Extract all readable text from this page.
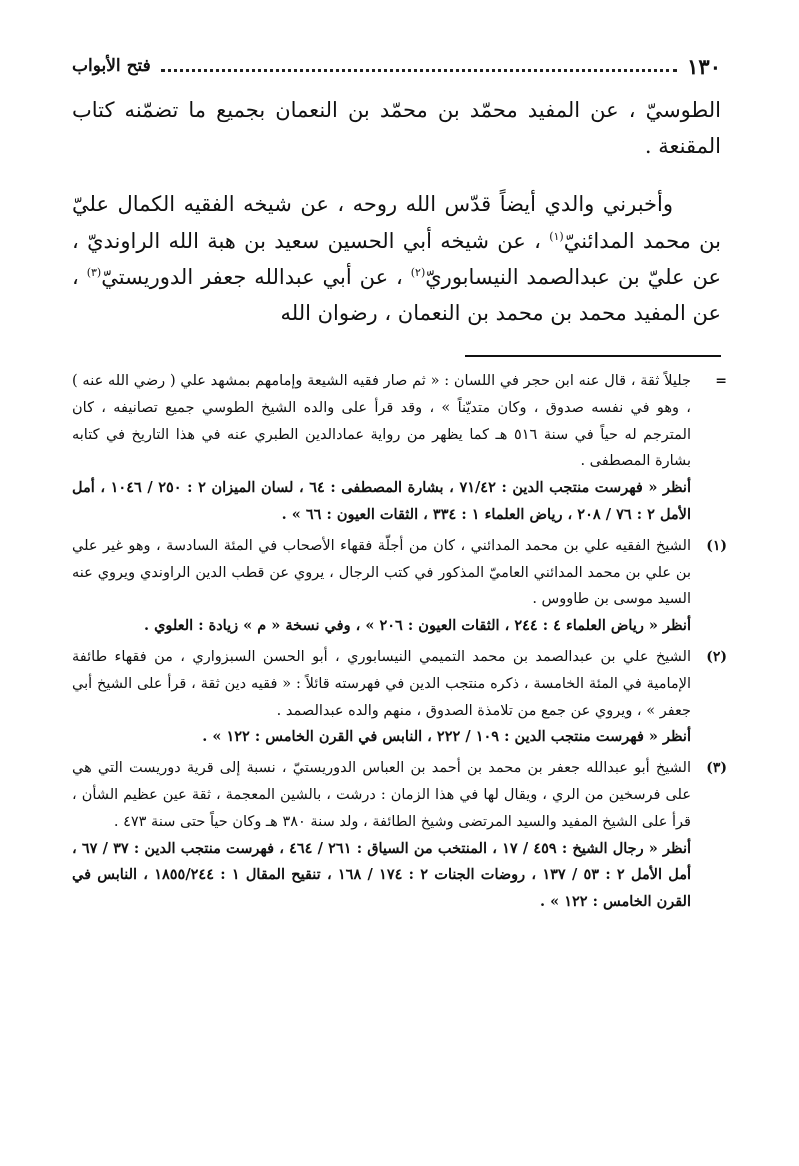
١٣٠
فتح الأبواب

الطوسيّ ، عن المفيد محمّد بن محمّد بن النعمان بجميع ما تضمّنه كتاب المقنعة .

وأخبرني والدي أيضاً قدّس الله روحه ، عن شيخه الفقيه الكمال عليّ بن محمد المدائنيّ$^{(١)}$ ، عن شيخه أبي الحسين سعيد بن هبة الله الراونديّ ، عن عليّ بن عبدالصمد النيسابوريّ$^{(٢)}$ ، عن أبي عبدالله جعفر الدوريستيّ$^{(٣)}$ ، عن المفيد محمد بن محمد بن النعمان ، رضوان الله

=

جليلاً ثقة ، قال عنه ابن حجر في اللسان : « ثم صار فقيه الشيعة وإمامهم بمشهد علي ( رضي الله عنه ) ، وهو في نفسه صدوق ، وكان متديّناً » ، وقد قرأ على والده الشيخ الطوسي جميع تصانيفه ، كان المترجم له حياً في سنة ٥١٦ هـ كما يظهر من رواية عمادالدين الطبري عنه في هذا التاريخ في كتابه بشارة المصطفى .

أنظر « فهرست منتجب الدين : ٧١/٤٢ ، بشارة المصطفى : ٦٤ ، لسان الميزان ٢ : ٢٥٠ / ١٠٤٦ ، أمل الأمل ٢ : ٧٦ / ٢٠٨ ، رياض العلماء ١ : ٣٣٤ ، الثقات العيون : ٦٦ » .

(١)

الشيخ الفقيه علي بن محمد المدائني ، كان من أجلّة فقهاء الأصحاب في المئة السادسة ، وهو غير علي بن علي بن محمد المدائني العاميّ المذكور في كتب الرجال ، يروي عن قطب الدين الراوندي ويروي عنه السيد موسى بن طاووس .

أنظر « رياض العلماء ٤ : ٢٤٤ ، الثقات العيون : ٢٠٦ » ، وفي نسخة « م » زيادة : العلوي .

(٢)

الشيخ علي بن عبدالصمد بن محمد التميمي النيسابوري ، أبو الحسن السبزواري ، من فقهاء طائفة الإمامية في المئة الخامسة ، ذكره منتجب الدين في فهرسته قائلاً : « فقيه دين ثقة ، قرأ على الشيخ أبي جعفر » ، ويروي عن جمع من تلامذة الصدوق ، منهم والده عبدالصمد .

أنظر « فهرست منتجب الدين : ١٠٩ / ٢٢٢ ، النابس في القرن الخامس : ١٢٢ » .

(٣)

الشيخ أبو عبدالله جعفر بن محمد بن أحمد بن العباس الدوريستيّ ، نسبة إلى قرية دوريست التي هي على فرسخين من الري ، ويقال لها في هذا الزمان : درشت ، بالشين المعجمة ، ثقة عين عظيم الشأن ، قرأ على الشيخ المفيد والسيد المرتضى وشيخ الطائفة ، ولد سنة ٣٨٠ هـ وكان حياً حتى سنة ٤٧٣ .

أنظر « رجال الشيخ : ٤٥٩ / ١٧ ، المنتخب من السياق : ٢٦١ / ٤٦٤ ، فهرست منتجب الدين : ٣٧ / ٦٧ ، أمل الأمل ٢ : ٥٣ / ١٣٧ ، روضات الجنات ٢ : ١٧٤ / ١٦٨ ، تنقيح المقال ١ : ١٨٥٥/٢٤٤ ، النابس في القرن الخامس : ١٢٢ » .
